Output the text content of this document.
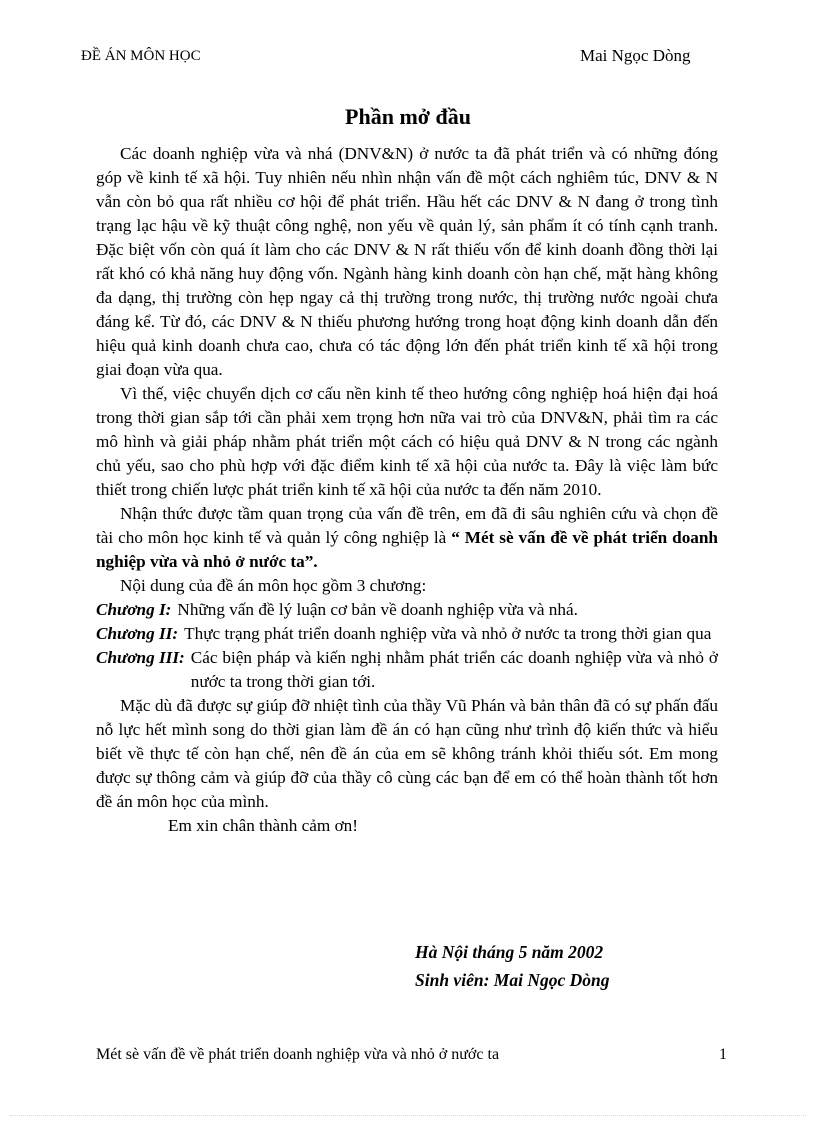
ĐỀ ÁN MÔN HỌC	Mai Ngọc Dòng
Phần mở đầu

Các doanh nghiệp vừa và nhá (DNV&N) ở nước ta đã phát triển và có những đóng góp về kinh tế xã hội. Tuy nhiên nếu nhìn nhận vấn đề một cách nghiêm túc, DNV & N vẫn còn bỏ qua rất nhiều cơ hội để phát triển. Hầu hết các DNV & N đang ở trong tình trạng lạc hậu về kỹ thuật công nghệ, non yếu về quản lý, sản phẩm ít có tính cạnh tranh. Đặc biệt vốn còn quá ít làm cho các DNV & N rất thiếu vốn để kinh doanh đồng thời lại rất khó có khả năng huy động vốn. Ngành hàng kinh doanh còn hạn chế, mặt hàng không đa dạng, thị trường còn hẹp ngay cả thị trường trong nước, thị trường nước ngoài chưa đáng kể. Từ đó, các DNV & N thiếu phương hướng trong hoạt động kinh doanh dẫn đến hiệu quả kinh doanh chưa cao, chưa có tác động lớn đến phát triển kinh tế xã hội trong giai đoạn vừa qua.

Vì thế, việc chuyển dịch cơ cấu nền kinh tế theo hướng công nghiệp hoá hiện đại hoá trong thời gian sắp tới cần phải xem trọng hơn nữa vai trò của DNV&N, phải tìm ra các mô hình và giải pháp nhằm phát triển một cách có hiệu quả DNV & N trong các ngành chủ yếu, sao cho phù hợp với đặc điểm kinh tế xã hội của nước ta. Đây là việc làm bức thiết trong chiến lược phát triển kinh tế xã hội của nước ta đến năm 2010.

Nhận thức được tầm quan trọng của vấn đề trên, em đã đi sâu nghiên cứu và chọn đề tài cho môn học kinh tế và quản lý công nghiệp là “ Mét sè vấn đề về phát triển doanh nghiệp vừa và nhỏ ở nước ta”.

Nội dung của đề án môn học gồm 3 chương:

Chương I: Những vấn đề lý luận cơ bản về doanh nghiệp vừa và nhá.
Chương II: Thực trạng phát triển doanh nghiệp vừa và nhỏ ở nước ta trong thời gian qua
Chương III: Các biện pháp và kiến nghị nhằm phát triển các doanh nghiệp vừa và nhỏ ở nước ta trong thời gian tới.

Mặc dù đã được sự giúp đỡ nhiệt tình của thầy Vũ Phán và bản thân đã có sự phấn đấu nỗ lực hết mình song do thời gian làm đề án có hạn cũng như trình độ kiến thức và hiểu biết về thực tế còn hạn chế, nên đề án của em sẽ không tránh khỏi thiếu sót. Em mong được sự thông cảm và giúp đỡ của thầy cô cùng các bạn để em có thể hoàn thành tốt hơn đề án môn học của mình.

Em xin chân thành cảm ơn!

Hà Nội tháng 5 năm 2002
Sinh viên: Mai Ngọc Dòng
Mét sè vấn đề về phát triển doanh nghiệp vừa và nhỏ ở nước ta	1
